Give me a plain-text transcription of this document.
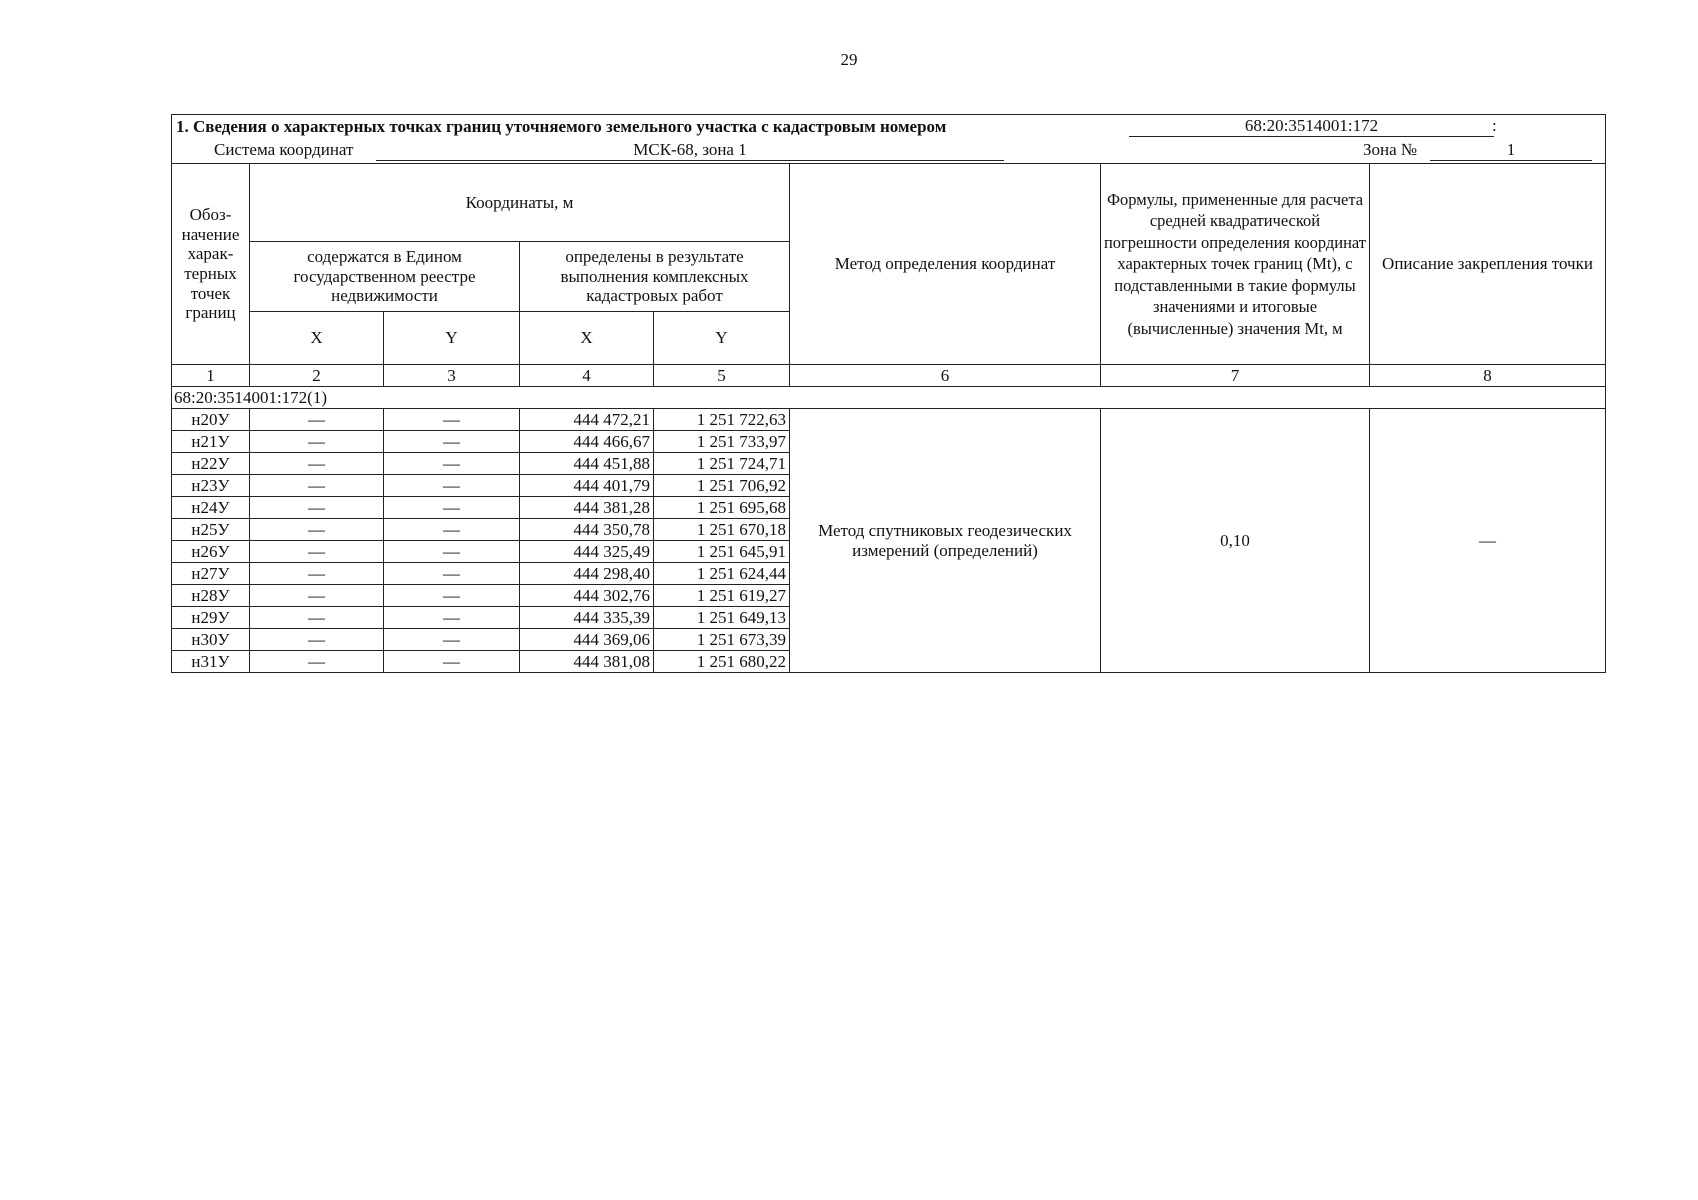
29
1. Сведения о характерных точках границ уточняемого земельного участка с кадастровым номером 68:20:3514001:172 :							

Система координат МСК-68, зона 1 Зона № 1							

Обоз-начение харак-терных точек границ	Координаты, м				Метод определения координат	Формулы, примененные для расчета средней квадратической погрешности определения координат характерных точек границ (Mt), с подставленными в такие формулы значениями и итоговые (вычисленные) значения Mt, м	Описание закрепления точки
	содержатся в Едином государственном реестре недвижимости		определены в результате выполнения комплексных кадастровых работ				
	X	Y	X	Y			
1	2	3	4	5	6	7	8
68:20:3514001:172(1)							
н20У	—	—	444 472,21	1 251 722,63	Метод спутниковых геодезических измерений (определений)	0,10	—
н21У	—	—	444 466,67	1 251 733,97			
н22У	—	—	444 451,88	1 251 724,71			
н23У	—	—	444 401,79	1 251 706,92			
н24У	—	—	444 381,28	1 251 695,68			
н25У	—	—	444 350,78	1 251 670,18			
н26У	—	—	444 325,49	1 251 645,91			
н27У	—	—	444 298,40	1 251 624,44			
н28У	—	—	444 302,76	1 251 619,27			
н29У	—	—	444 335,39	1 251 649,13			
н30У	—	—	444 369,06	1 251 673,39			
н31У	—	—	444 381,08	1 251 680,22			
